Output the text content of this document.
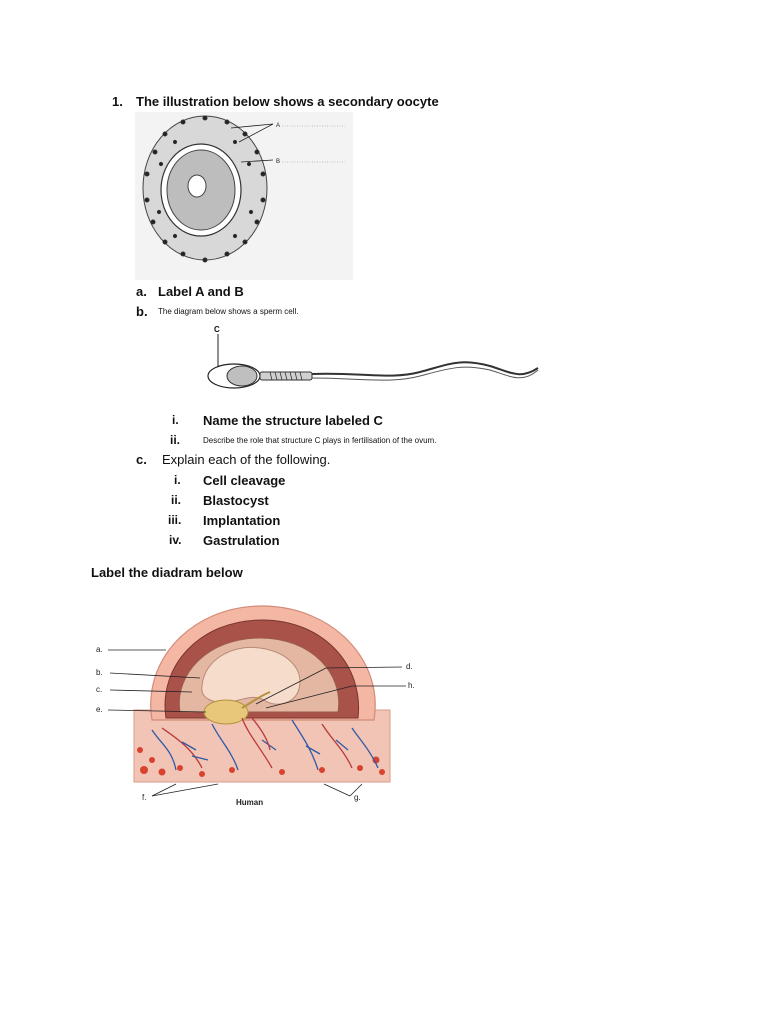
1. The illustration below shows a secondary oocyte
A
B
a. Label A and B
b. The diagram below shows a sperm cell.
C
i. Name the structure labeled C
ii.	Describe the role that structure C plays in fertilisation of the ovum.
c. Explain each of the following.
i. Cell cleavage
ii. Blastocyst
iii. Implantation
iv. Gastrulation
Label the diadram below
a.
b.
c.
e.
d.
h.
f.	g.
Human
